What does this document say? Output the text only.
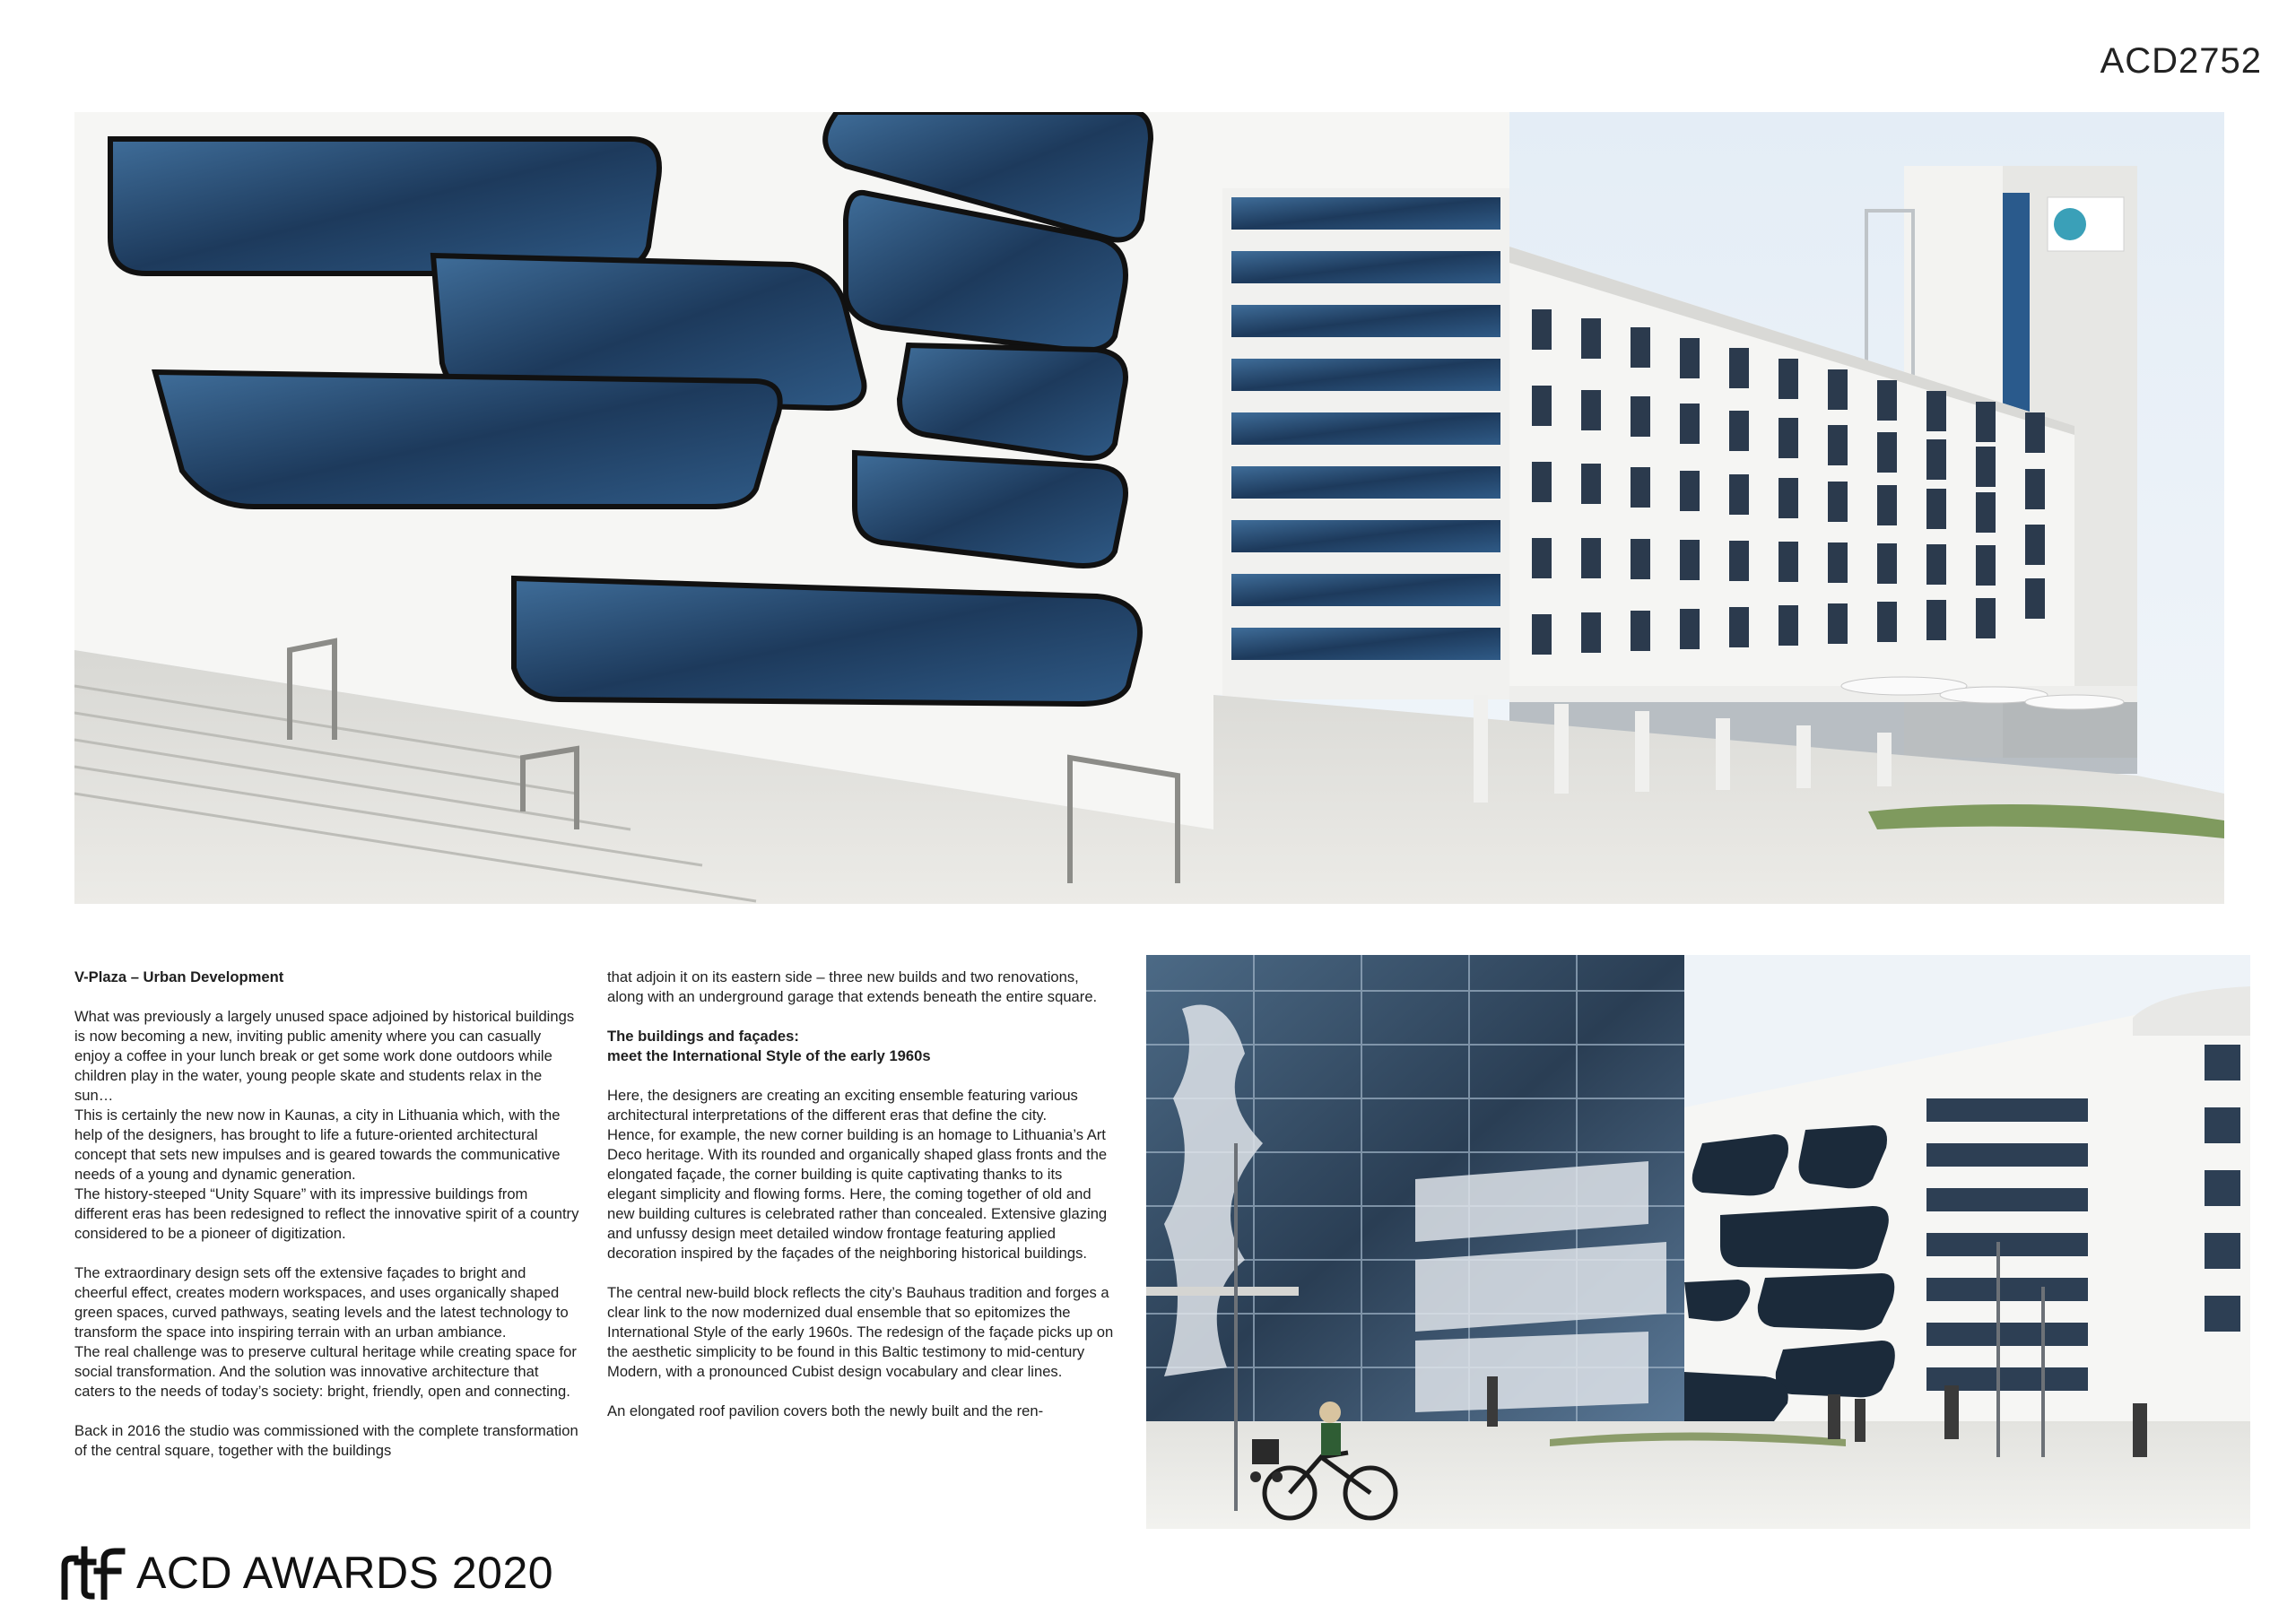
ACD2752
V-Plaza – Urban Development

What was previously a largely unused space adjoined by historical buildings is now becoming a new, inviting public amenity where you can casually enjoy a coffee in your lunch break or get some work done outdoors while children play in the water, young people skate and students relax in the sun…

This is certainly the new now in Kaunas, a city in Lithuania which, with the help of the designers, has brought to life a future-oriented architectural concept that sets new impulses and is geared towards the communicative needs of a young and dynamic generation.

The history-steeped “Unity Square” with its impressive buildings from different eras has been redesigned to reflect the innovative spirit of a country considered to be a pioneer of digitization.

The extraordinary design sets off the extensive façades to bright and cheerful effect, creates modern workspaces, and uses organically shaped green spaces, curved pathways, seating levels and the latest technology to transform the space into inspiring terrain with an urban ambiance.

The real challenge was to preserve cultural heritage while creating space for social transformation. And the solution was innovative architecture that caters to the needs of today’s society: bright, friendly, open and connecting.

Back in 2016 the studio was commissioned with the complete transformation of the central square, together with the buildings

that adjoin it on its eastern side – three new builds and two renovations, along with an underground garage that extends beneath the entire square.

The buildings and façades:
meet the International Style of the early 1960s

Here, the designers are creating an exciting ensemble featuring various architectural interpretations of the different eras that define the city.

Hence, for example, the new corner building is an homage to Lithuania’s Art Deco heritage. With its rounded and organically shaped glass fronts and the elongated façade, the corner building is quite captivating thanks to its elegant simplicity and flowing forms. Here, the coming together of old and new building cultures is celebrated rather than concealed. Extensive glazing and unfussy design meet detailed window frontage featuring applied decoration inspired by the façades of the neighboring historical buildings.

The central new-build block reflects the city’s Bauhaus tradition and forges a clear link to the now modernized dual ensemble that so epitomizes the International Style of the early 1960s. The redesign of the façade picks up on the aesthetic simplicity to be found in this Baltic testimony to mid-century Modern, with a pronounced Cubist design vocabulary and clear lines.

An elongated roof pavilion covers both the newly built and the ren-

ACD AWARDS 2020
